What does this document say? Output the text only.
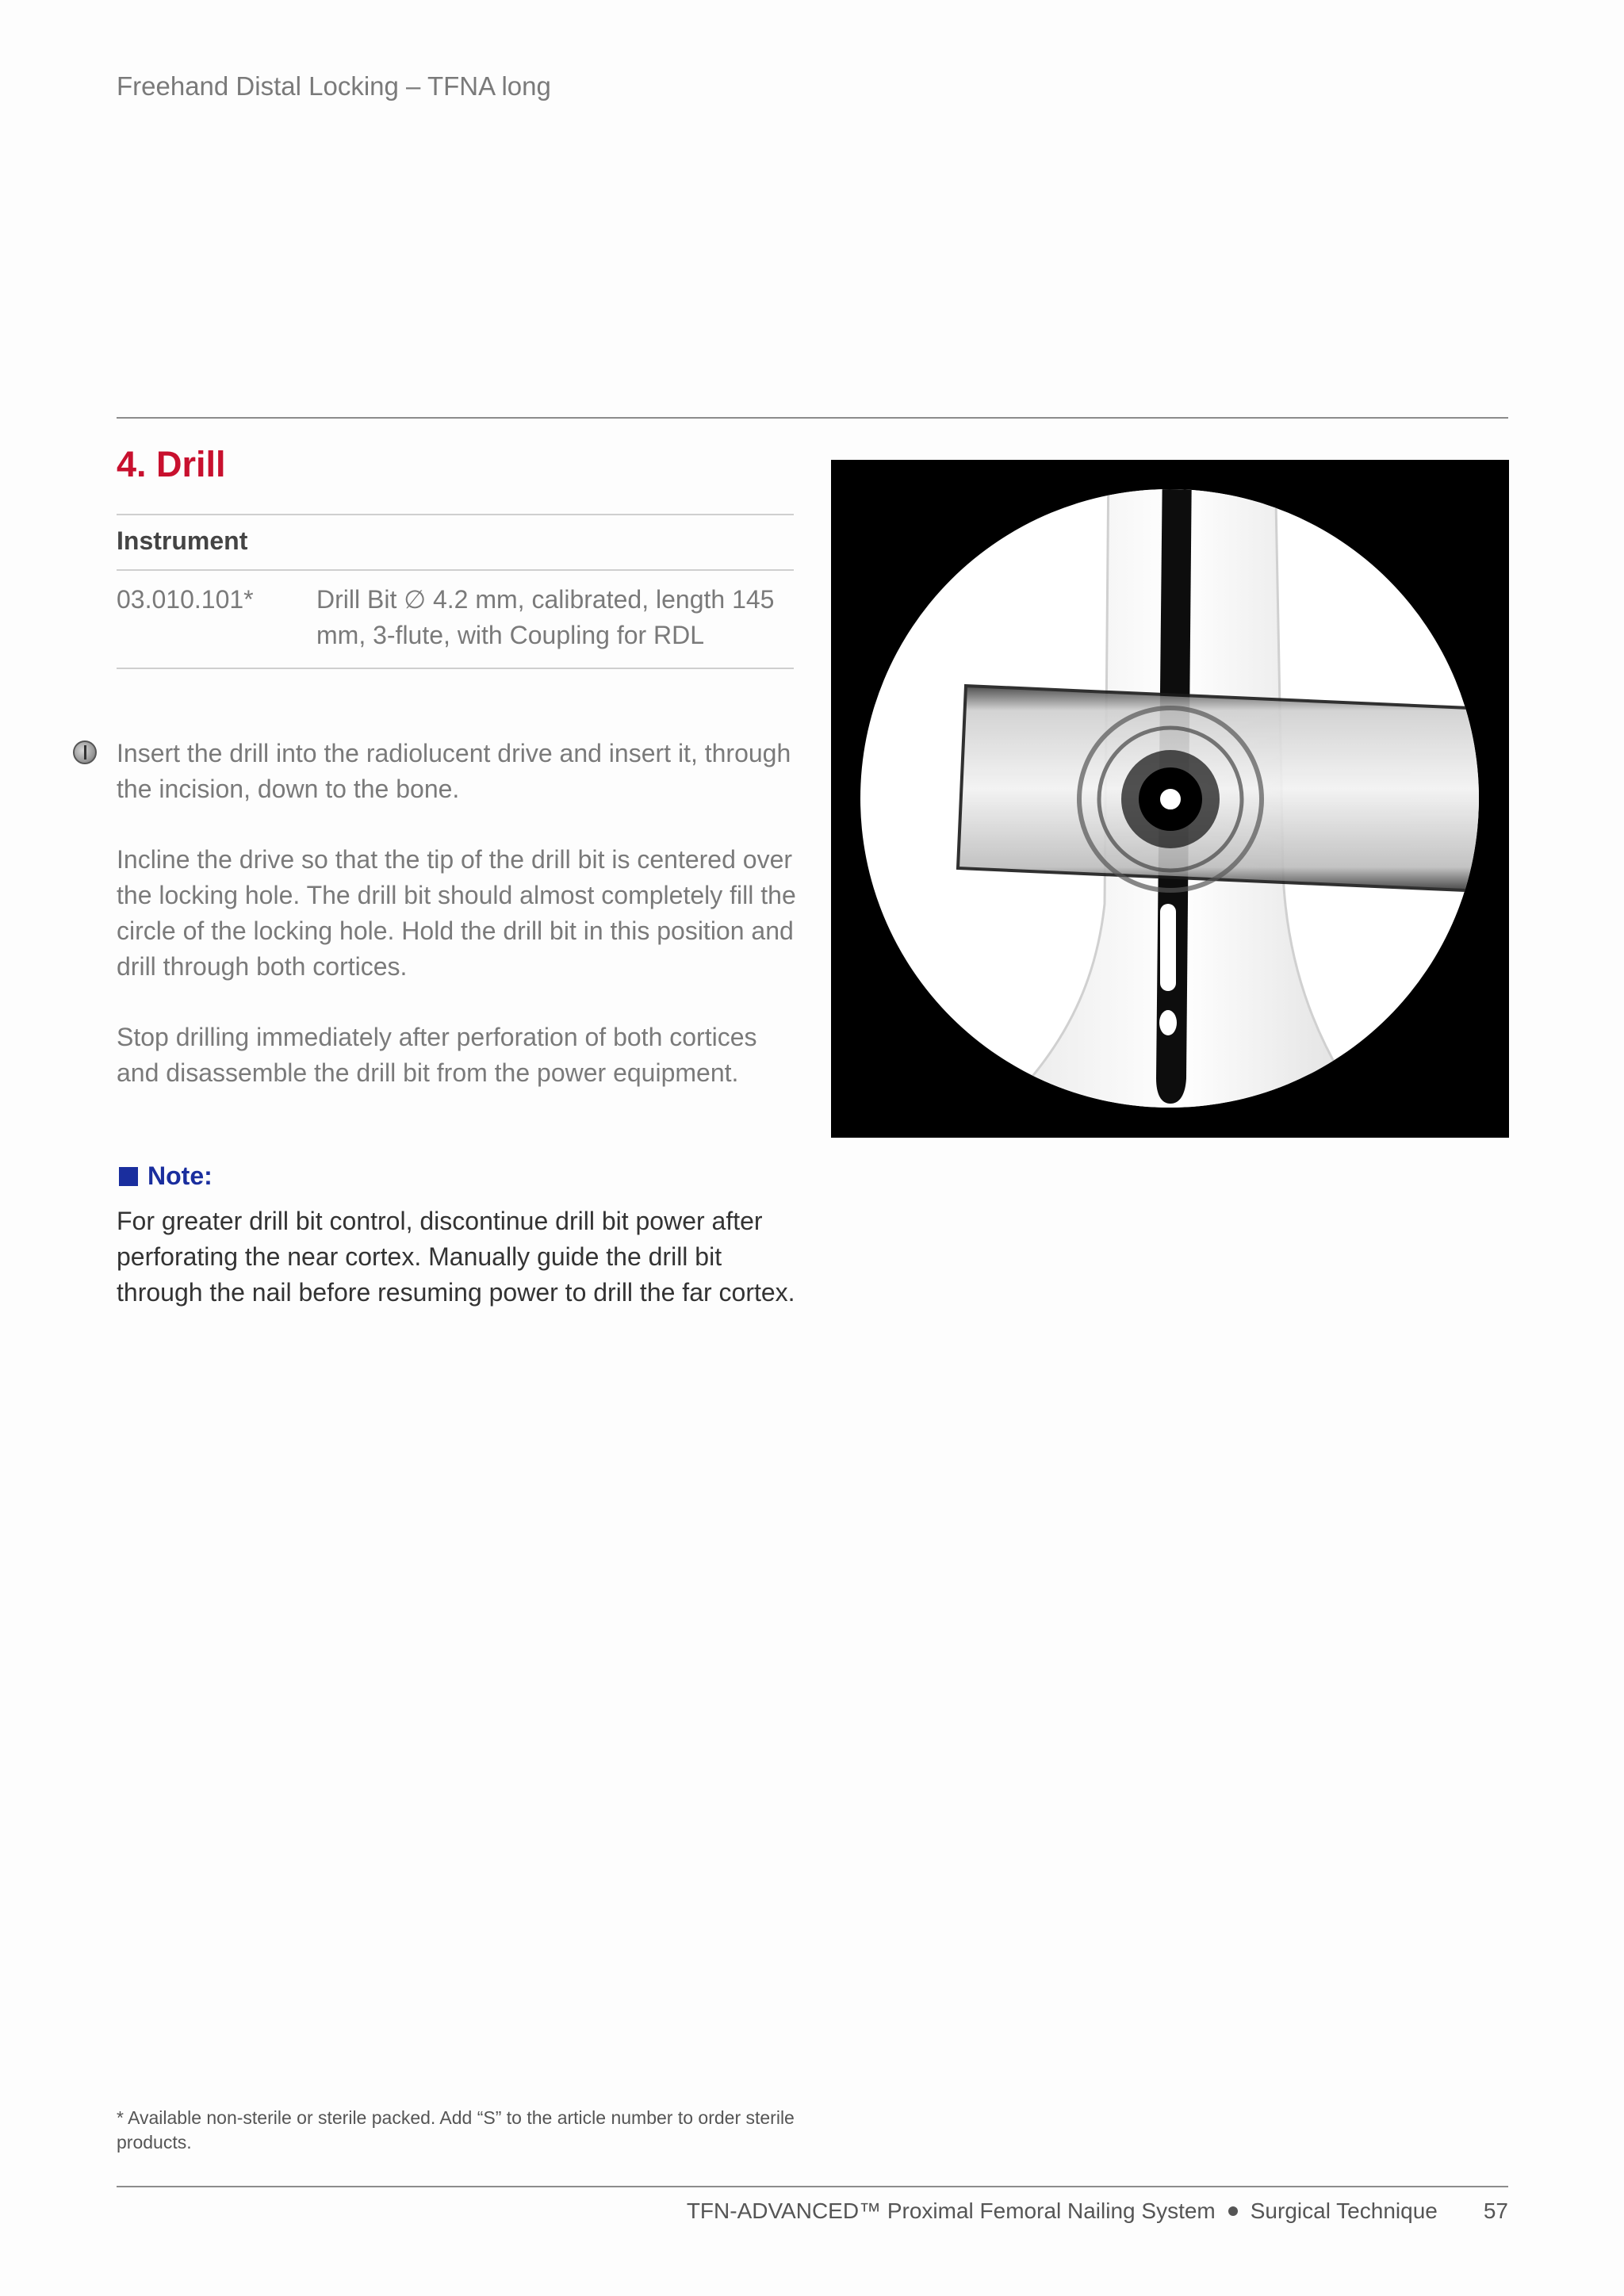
Freehand Distal Locking – TFNA long
4. Drill
Instrument
03.010.101*	Drill Bit ∅ 4.2 mm, calibrated, length 145 mm, 3-flute, with Coupling for RDL

Insert the drill into the radiolucent drive and insert it, through the incision, down to the bone.

Incline the drive so that the tip of the drill bit is centered over the locking hole. The drill bit should almost completely fill the circle of the locking hole. Hold the drill bit in this position and drill through both cortices.

Stop drilling immediately after perforation of both cortices and disassemble the drill bit from the power equipment.

Note:
For greater drill bit control, discontinue drill bit power after perforating the near cortex. Manually guide the drill bit through the nail before resuming power to drill the far cortex.
* Available non-sterile or sterile packed. Add “S” to the article number to order sterile products.
TFN-ADVANCED™ Proximal Femoral Nailing System Surgical Technique 57
